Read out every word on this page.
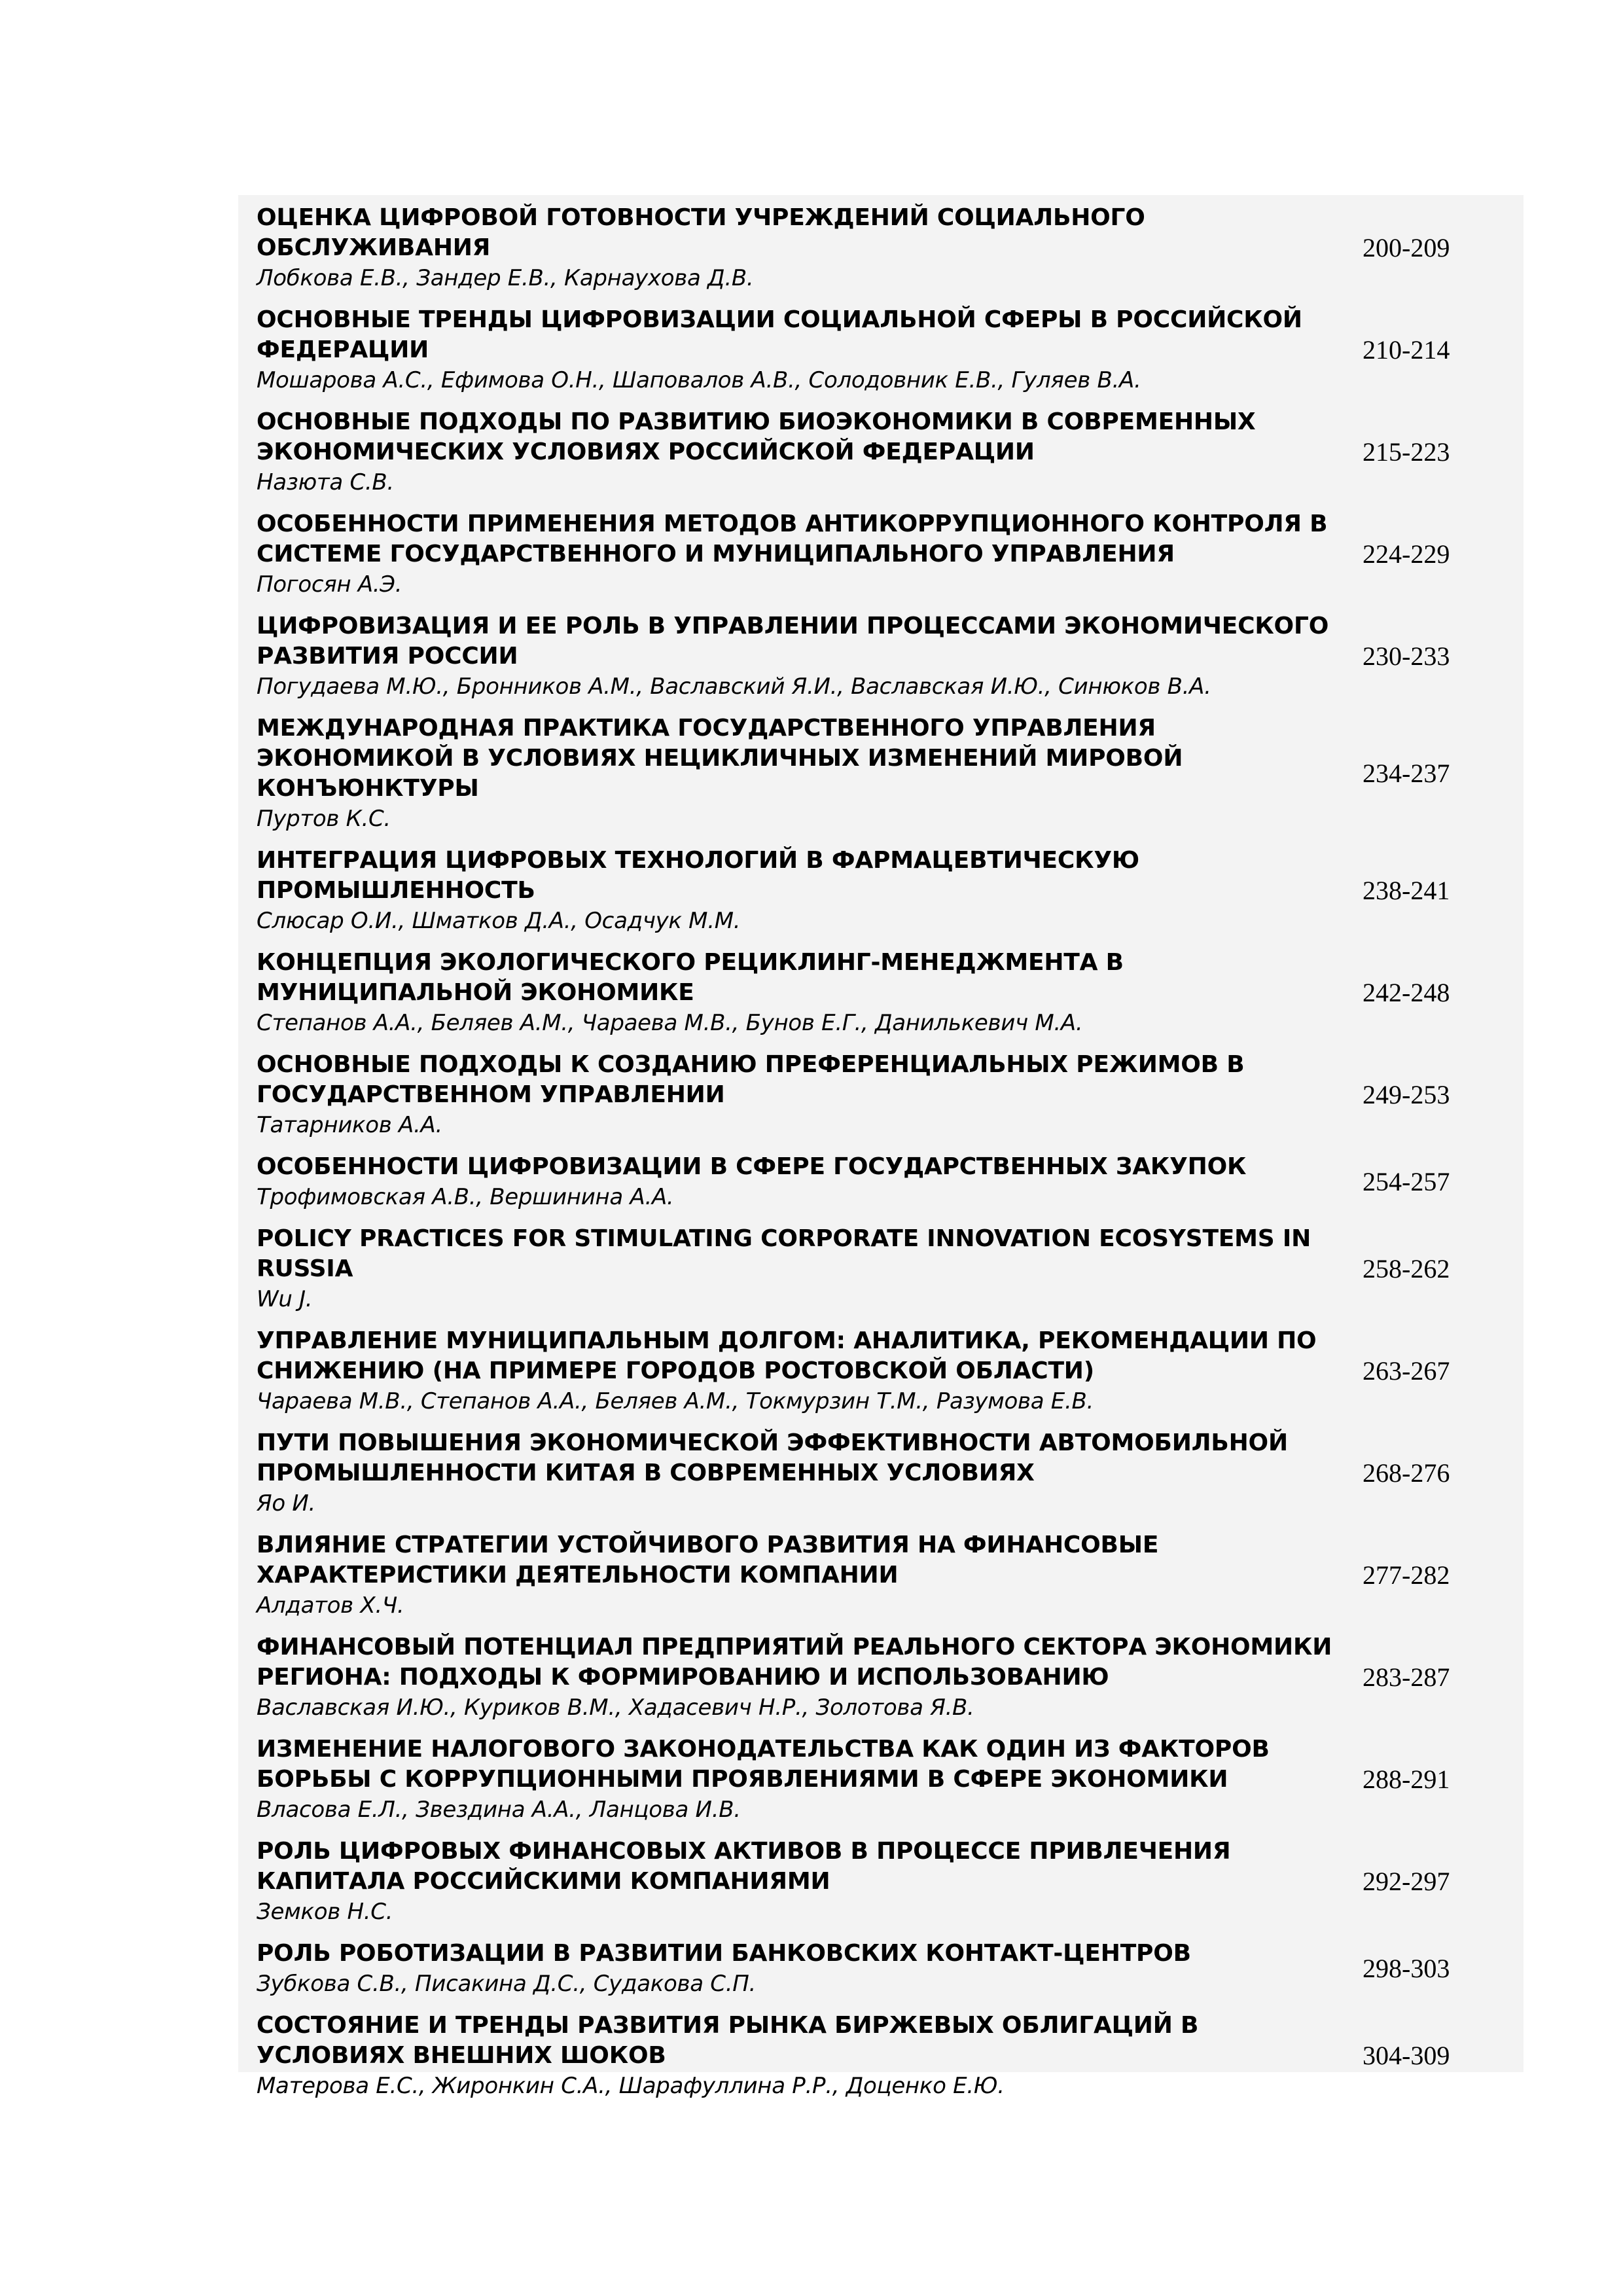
ОЦЕНКА ЦИФРОВОЙ ГОТОВНОСТИ УЧРЕЖДЕНИЙ СОЦИАЛЬНОГО ОБСЛУЖИВАНИЯ
Лобкова Е.В., Зандер Е.В., Карнаухова Д.В.
200-209
ОСНОВНЫЕ ТРЕНДЫ ЦИФРОВИЗАЦИИ СОЦИАЛЬНОЙ СФЕРЫ В РОССИЙСКОЙ ФЕДЕРАЦИИ
Мошарова А.С., Ефимова О.Н., Шаповалов А.В., Солодовник Е.В., Гуляев В.А.
210-214
ОСНОВНЫЕ ПОДХОДЫ ПО РАЗВИТИЮ БИОЭКОНОМИКИ В СОВРЕМЕННЫХ ЭКОНОМИЧЕСКИХ УСЛОВИЯХ РОССИЙСКОЙ ФЕДЕРАЦИИ
Назюта С.В.
215-223
ОСОБЕННОСТИ ПРИМЕНЕНИЯ МЕТОДОВ АНТИКОРРУПЦИОННОГО КОНТРОЛЯ В СИСТЕМЕ ГОСУДАРСТВЕННОГО И МУНИЦИПАЛЬНОГО УПРАВЛЕНИЯ
Погосян А.Э.
224-229
ЦИФРОВИЗАЦИЯ И ЕЕ РОЛЬ В УПРАВЛЕНИИ ПРОЦЕССАМИ ЭКОНОМИЧЕСКОГО РАЗВИТИЯ РОССИИ
Погудаева М.Ю., Бронников А.М., Ваславский Я.И., Ваславская И.Ю., Синюков В.А.
230-233
МЕЖДУНАРОДНАЯ ПРАКТИКА ГОСУДАРСТВЕННОГО УПРАВЛЕНИЯ ЭКОНОМИКОЙ В УСЛОВИЯХ НЕЦИКЛИЧНЫХ ИЗМЕНЕНИЙ МИРОВОЙ КОНЪЮНКТУРЫ
Пуртов К.С.
234-237
ИНТЕГРАЦИЯ ЦИФРОВЫХ ТЕХНОЛОГИЙ В ФАРМАЦЕВТИЧЕСКУЮ ПРОМЫШЛЕННОСТЬ
Слюсар О.И., Шматков Д.А., Осадчук М.М.
238-241
КОНЦЕПЦИЯ ЭКОЛОГИЧЕСКОГО РЕЦИКЛИНГ-МЕНЕДЖМЕНТА В МУНИЦИПАЛЬНОЙ ЭКОНОМИКЕ
Степанов А.А., Беляев А.М., Чараева М.В., Бунов Е.Г., Данилькевич М.А.
242-248
ОСНОВНЫЕ ПОДХОДЫ К СОЗДАНИЮ ПРЕФЕРЕНЦИАЛЬНЫХ РЕЖИМОВ В ГОСУДАРСТВЕННОМ УПРАВЛЕНИИ
Татарников А.А.
249-253
ОСОБЕННОСТИ ЦИФРОВИЗАЦИИ В СФЕРЕ ГОСУДАРСТВЕННЫХ ЗАКУПОК
Трофимовская А.В., Вершинина А.А.
254-257
POLICY PRACTICES FOR STIMULATING CORPORATE INNOVATION ECOSYSTEMS IN RUSSIA
Wu J.
258-262
УПРАВЛЕНИЕ МУНИЦИПАЛЬНЫМ ДОЛГОМ: АНАЛИТИКА, РЕКОМЕНДАЦИИ ПО СНИЖЕНИЮ (НА ПРИМЕРЕ ГОРОДОВ РОСТОВСКОЙ ОБЛАСТИ)
Чараева М.В., Степанов А.А., Беляев А.М., Токмурзин Т.М., Разумова Е.В.
263-267
ПУТИ ПОВЫШЕНИЯ ЭКОНОМИЧЕСКОЙ ЭФФЕКТИВНОСТИ АВТОМОБИЛЬНОЙ ПРОМЫШЛЕННОСТИ КИТАЯ В СОВРЕМЕННЫХ УСЛОВИЯХ
Яо И.
268-276
ВЛИЯНИЕ СТРАТЕГИИ УСТОЙЧИВОГО РАЗВИТИЯ НА ФИНАНСОВЫЕ ХАРАКТЕРИСТИКИ ДЕЯТЕЛЬНОСТИ КОМПАНИИ
Алдатов Х.Ч.
277-282
ФИНАНСОВЫЙ ПОТЕНЦИАЛ ПРЕДПРИЯТИЙ РЕАЛЬНОГО СЕКТОРА ЭКОНОМИКИ РЕГИОНА: ПОДХОДЫ К ФОРМИРОВАНИЮ И ИСПОЛЬЗОВАНИЮ
Ваславская И.Ю., Куриков В.М., Хадасевич Н.Р., Золотова Я.В.
283-287
ИЗМЕНЕНИЕ НАЛОГОВОГО ЗАКОНОДАТЕЛЬСТВА КАК ОДИН ИЗ ФАКТОРОВ БОРЬБЫ С КОРРУПЦИОННЫМИ ПРОЯВЛЕНИЯМИ В СФЕРЕ ЭКОНОМИКИ
Власова Е.Л., Звездина А.А., Ланцова И.В.
288-291
РОЛЬ ЦИФРОВЫХ ФИНАНСОВЫХ АКТИВОВ В ПРОЦЕССЕ ПРИВЛЕЧЕНИЯ КАПИТАЛА РОССИЙСКИМИ КОМПАНИЯМИ
Земков Н.С.
292-297
РОЛЬ РОБОТИЗАЦИИ В РАЗВИТИИ БАНКОВСКИХ КОНТАКТ-ЦЕНТРОВ
Зубкова С.В., Писакина Д.С., Судакова С.П.
298-303
СОСТОЯНИЕ И ТРЕНДЫ РАЗВИТИЯ РЫНКА БИРЖЕВЫХ ОБЛИГАЦИЙ В УСЛОВИЯХ ВНЕШНИХ ШОКОВ
Матерова Е.С., Жиронкин С.А., Шарафуллина Р.Р., Доценко Е.Ю.
304-309
